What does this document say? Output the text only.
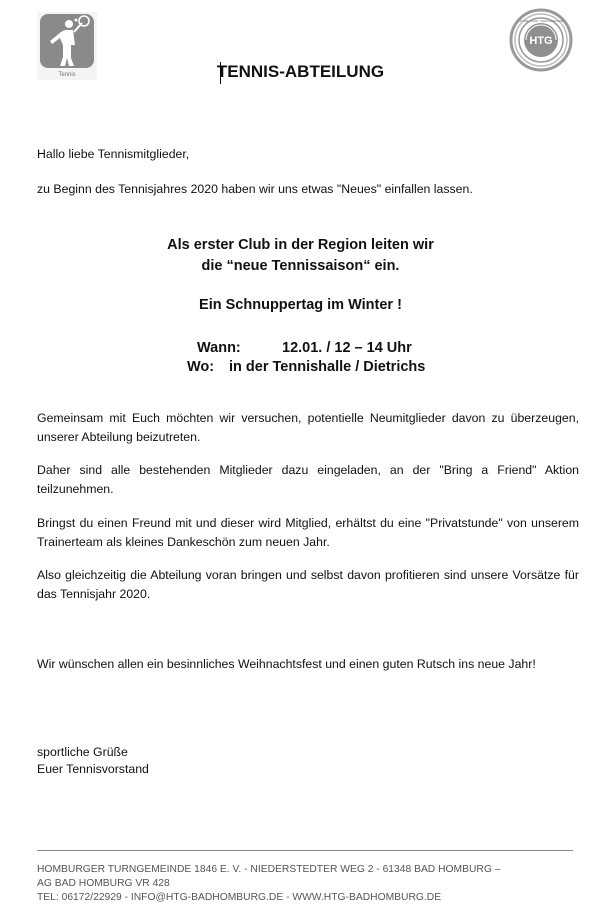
Tennis
HTG
HOMBURGER TURNGEMEINDE
TENNIS-ABTEILUNG
Hallo liebe Tennismitglieder,
zu Beginn des Tennisjahres 2020 haben wir uns etwas "Neues" einfallen lassen.
Als erster Club in der Region leiten wir
die “neue Tennissaison“ ein.
Ein Schnuppertag im Winter !
Wann:	12.01. / 12 – 14 Uhr
Wo: in der Tennishalle / Dietrichs
Gemeinsam mit Euch möchten wir versuchen, potentielle Neumitglieder davon zu überzeugen, unserer Abteilung beizutreten.
Daher sind alle bestehenden Mitglieder dazu eingeladen, an der "Bring a Friend" Aktion teilzunehmen.
Bringst du einen Freund mit und dieser wird Mitglied, erhältst du eine "Privatstunde" von unserem Trainerteam als kleines Dankeschön zum neuen Jahr.
Also gleichzeitig die Abteilung voran bringen und selbst davon profitieren sind unsere Vorsätze für das Tennisjahr 2020.
Wir wünschen allen ein besinnliches Weihnachtsfest und einen guten Rutsch ins neue Jahr!
sportliche Grüße
Euer Tennisvorstand
HOMBURGER TURNGEMEINDE 1846 E. V. - NIEDERSTEDTER WEG 2 - 61348 BAD HOMBURG –
AG BAD HOMBURG VR 428
TEL: 06172/22929 - INFO@HTG-BADHOMBURG.DE - WWW.HTG-BADHOMBURG.DE
